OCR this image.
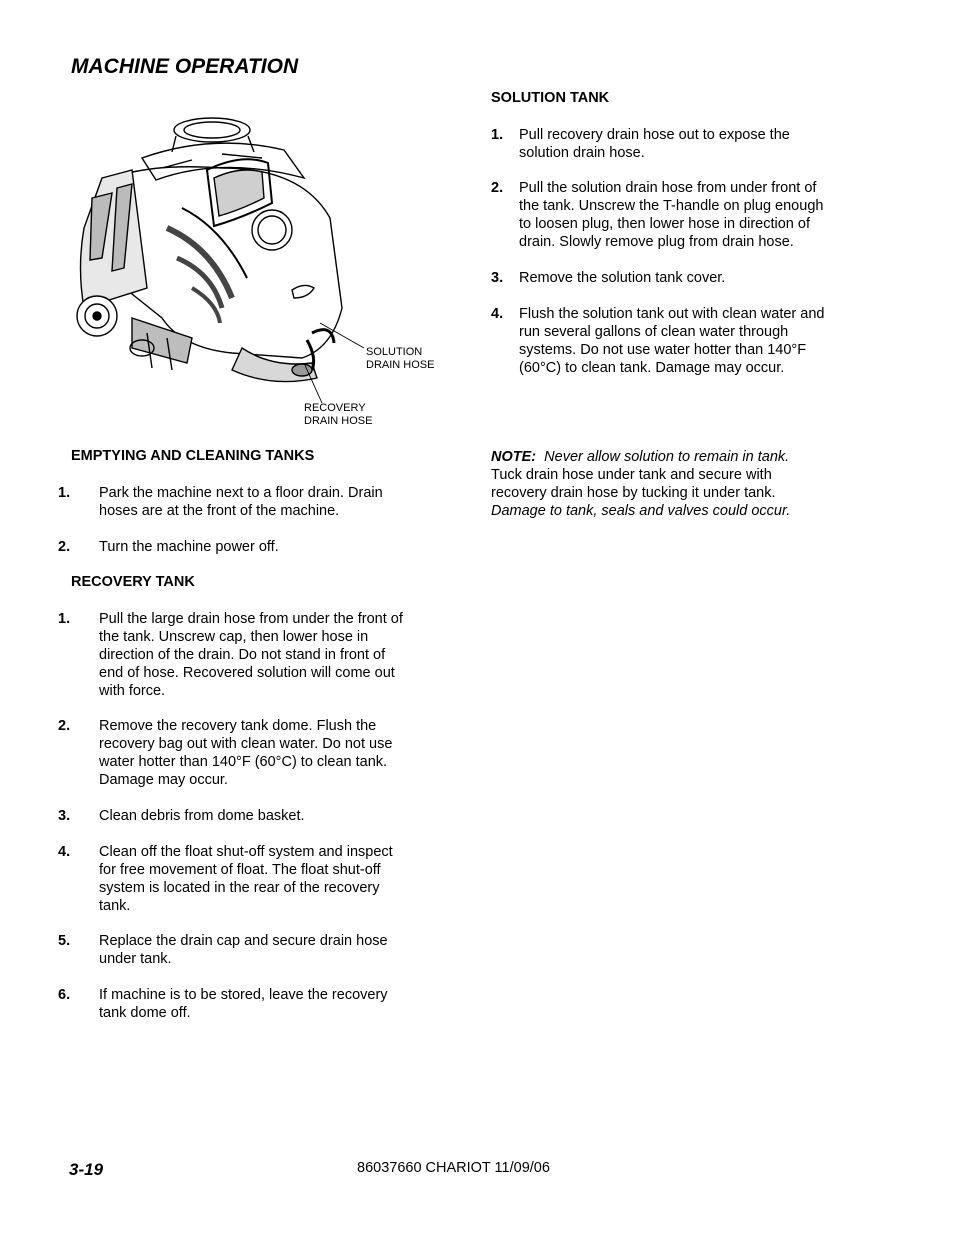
MACHINE OPERATION
SOLUTION
DRAIN HOSE
RECOVERY
DRAIN HOSE
EMPTYING AND CLEANING TANKS
1. Park the machine next to a floor drain. Drain
hoses are at the front of the machine.
2. Turn the machine power off.
RECOVERY TANK
1. Pull the large drain hose from under the front of
the tank. Unscrew cap, then lower hose in
direction of the drain. Do not stand in front of
end of hose. Recovered solution will come out
with force.
2. Remove the recovery tank dome. Flush the
recovery bag out with clean water. Do not use
water hotter than 140°F (60°C) to clean tank.
Damage may occur.
3. Clean debris from dome basket.
4. Clean off the float shut-off system and inspect
for free movement of float. The float shut-off
system is located in the rear of the recovery
tank.
5. Replace the drain cap and secure drain hose
under tank.
6. If machine is to be stored, leave the recovery
tank dome off.
SOLUTION TANK
1. Pull recovery drain hose out to expose the
solution drain hose.
2. Pull the solution drain hose from under front of
the tank. Unscrew the T-handle on plug enough
to loosen plug, then lower hose in direction of
drain. Slowly remove plug from drain hose.
3. Remove the solution tank cover.
4. Flush the solution tank out with clean water and
run several gallons of clean water through
systems. Do not use water hotter than 140°F
(60°C) to clean tank. Damage may occur.

NOTE:  Never allow solution to remain in tank.

Damage to tank, seals and valves could occur.

Tuck drain hose under tank and secure with
recovery drain hose by tucking it under tank.
3-19	86037660 CHARIOT 11/09/06
